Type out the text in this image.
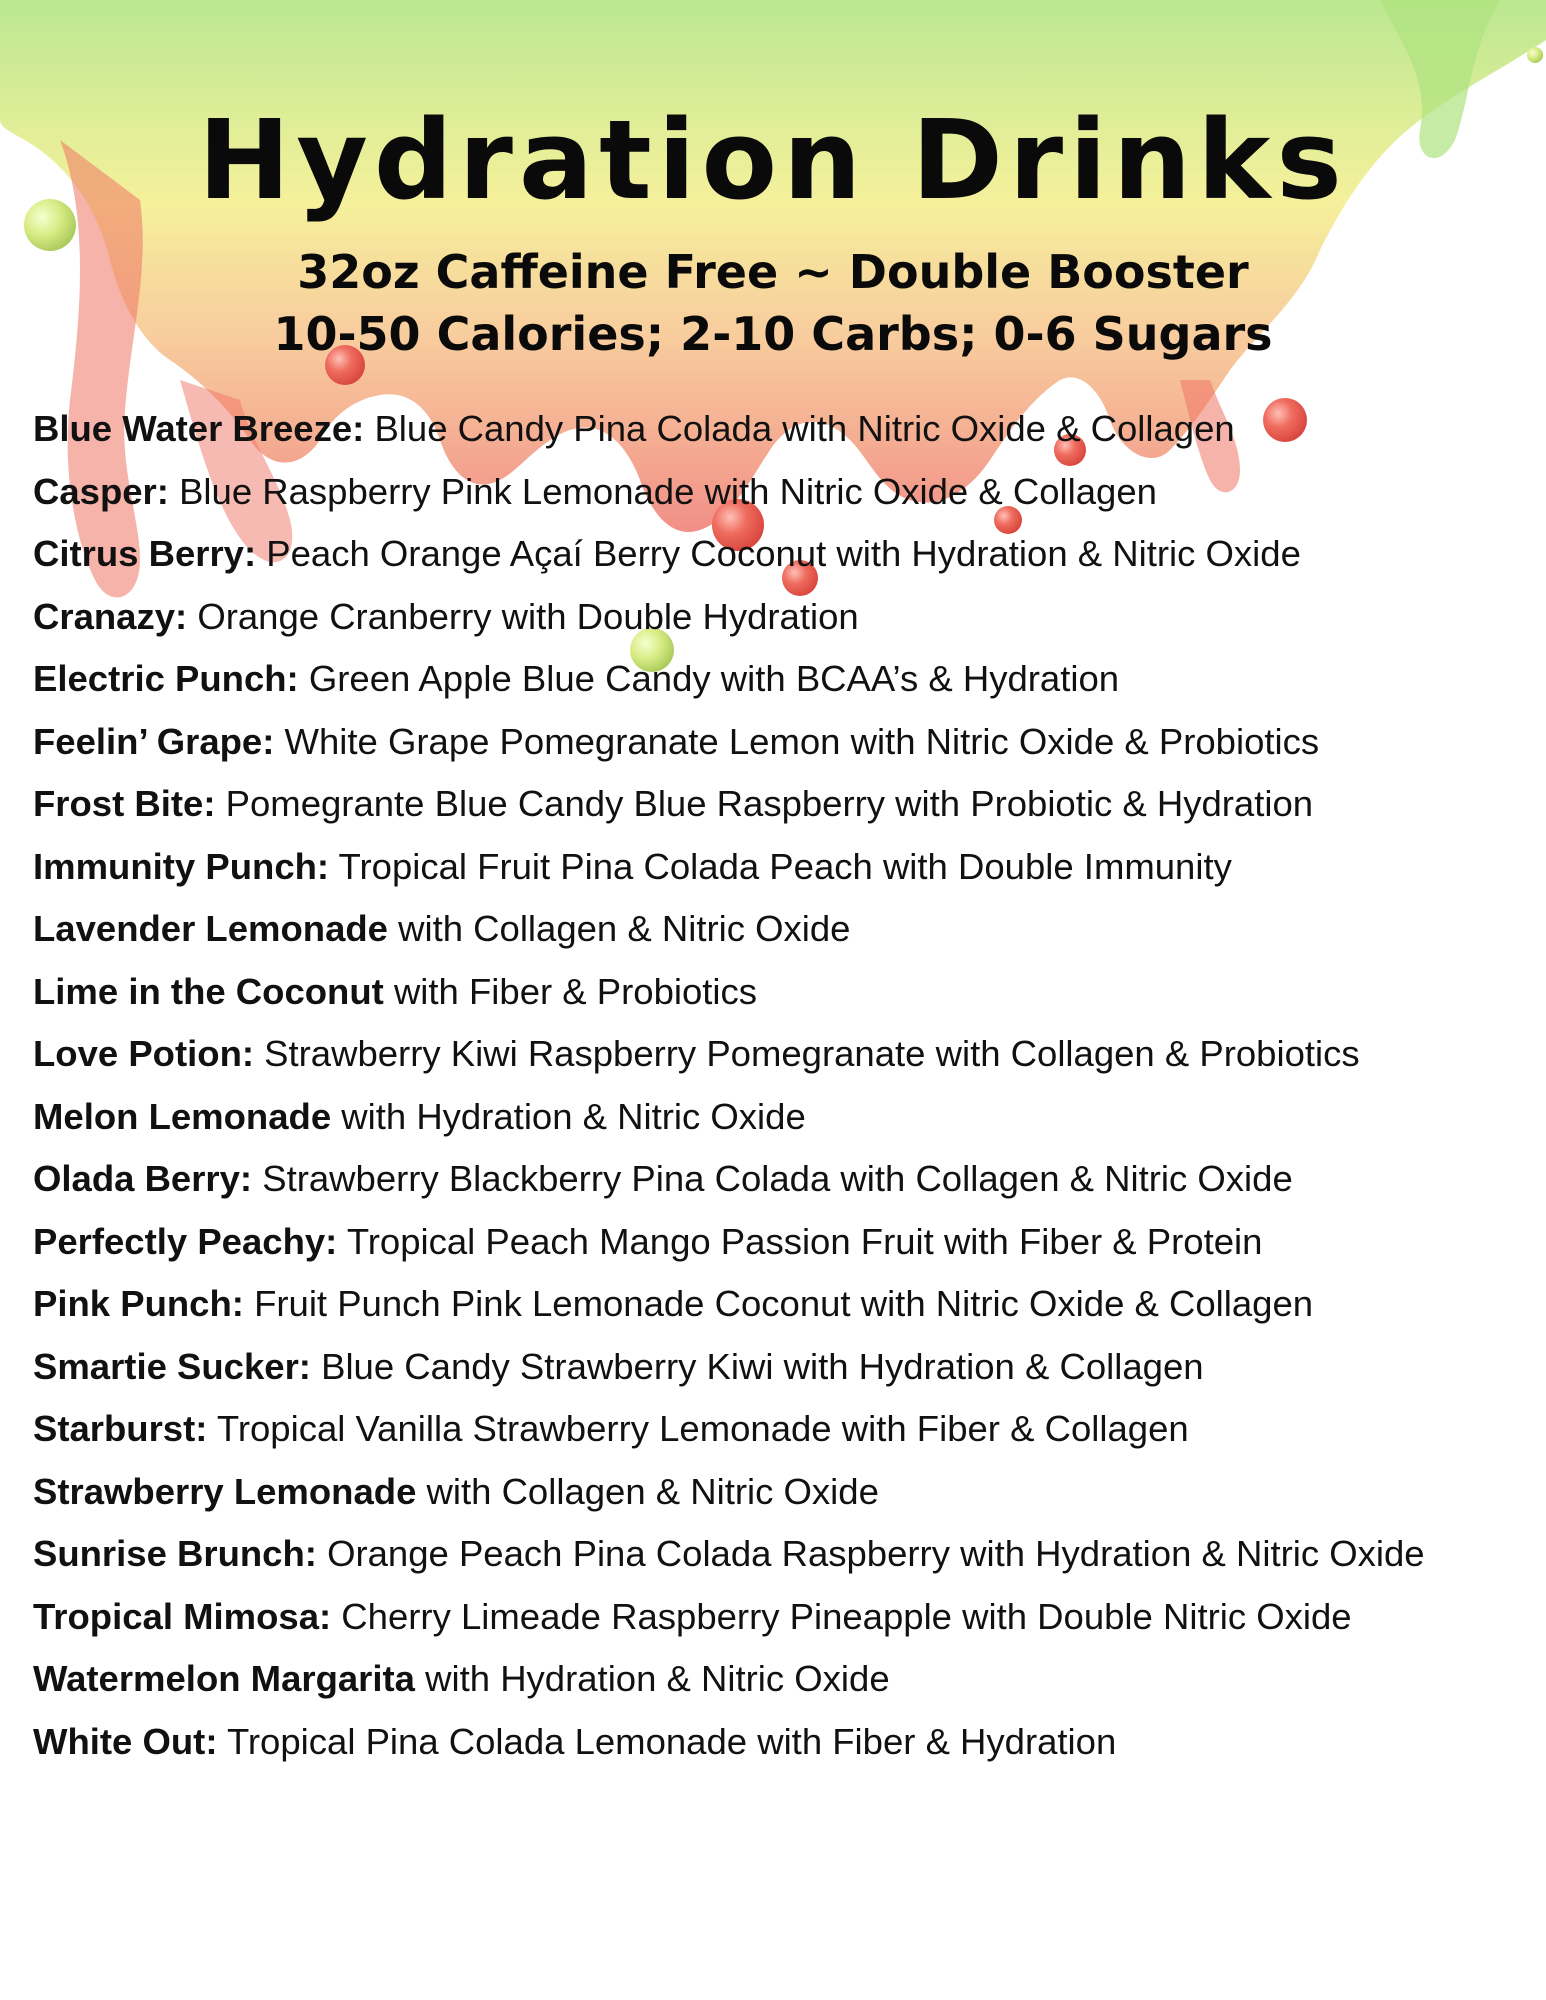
Hydration Drinks

32oz Caffeine Free ~ Double Booster

10-50 Calories; 2-10 Carbs; 0-6 Sugars

Blue Water Breeze: Blue Candy Pina Colada with Nitric Oxide & Collagen
Casper: Blue Raspberry Pink Lemonade with Nitric Oxide & Collagen
Citrus Berry: Peach Orange Açaí Berry Coconut with Hydration & Nitric Oxide
Cranazy: Orange Cranberry with Double Hydration
Electric Punch: Green Apple Blue Candy with BCAA’s & Hydration
Feelin’ Grape: White Grape Pomegranate Lemon with Nitric Oxide & Probiotics
Frost Bite: Pomegrante Blue Candy Blue Raspberry with Probiotic & Hydration
Immunity Punch: Tropical Fruit Pina Colada Peach with Double Immunity
Lavender Lemonade with Collagen & Nitric Oxide
Lime in the Coconut with Fiber & Probiotics
Love Potion: Strawberry Kiwi Raspberry Pomegranate with Collagen & Probiotics
Melon Lemonade with Hydration & Nitric Oxide
Olada Berry: Strawberry Blackberry Pina Colada with Collagen & Nitric Oxide
Perfectly Peachy: Tropical Peach Mango Passion Fruit with Fiber & Protein
Pink Punch: Fruit Punch Pink Lemonade Coconut with Nitric Oxide & Collagen
Smartie Sucker: Blue Candy Strawberry Kiwi with Hydration & Collagen
Starburst: Tropical Vanilla Strawberry Lemonade with Fiber & Collagen
Strawberry Lemonade with Collagen & Nitric Oxide
Sunrise Brunch: Orange Peach Pina Colada Raspberry with Hydration & Nitric Oxide
Tropical Mimosa: Cherry Limeade Raspberry Pineapple with Double Nitric Oxide
Watermelon Margarita with Hydration & Nitric Oxide
White Out: Tropical Pina Colada Lemonade with Fiber & Hydration
